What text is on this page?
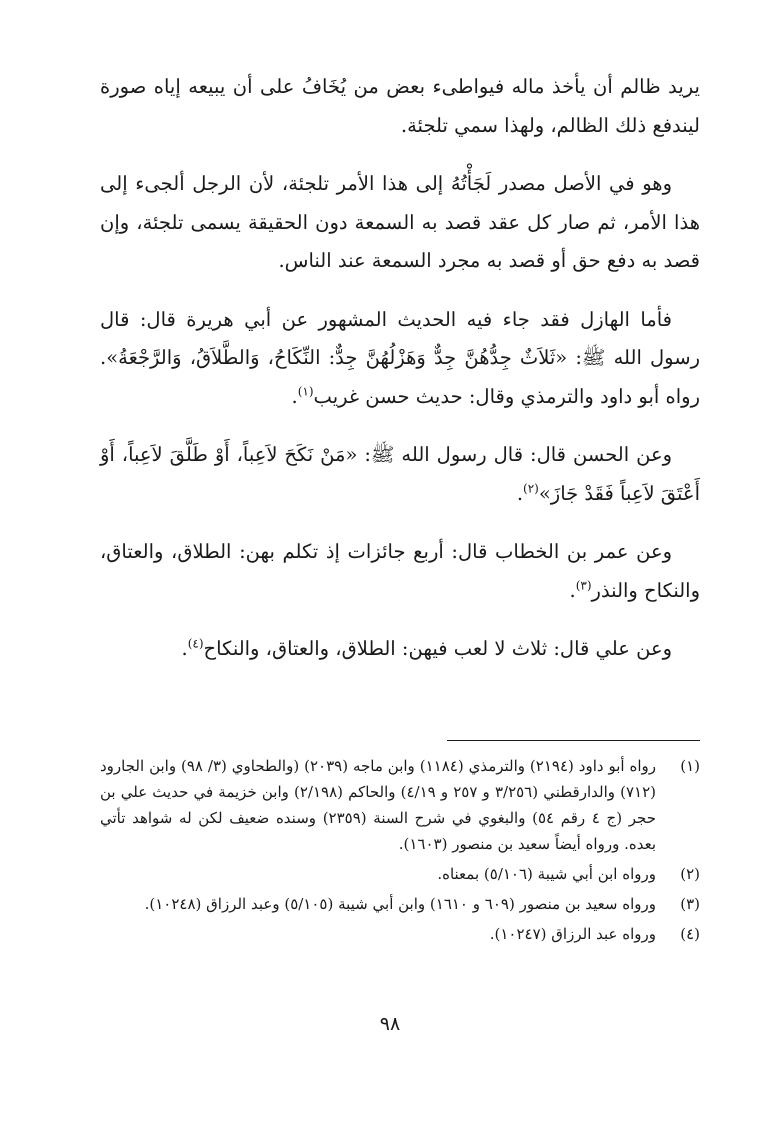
يريد ظالم أن يأخذ ماله فيواطىء بعض من يُخَافُ على أن يبيعه إياه صورة ليندفع ذلك الظالم، ولهذا سمي تلجئة.

وهو في الأصل مصدر لَجَأْتُهُ إلى هذا الأمر تلجئة، لأن الرجل ألجىء إلى هذا الأمر، ثم صار كل عقد قصد به السمعة دون الحقيقة يسمى تلجئة، وإن قصد به دفع حق أو قصد به مجرد السمعة عند الناس.

فأما الهازل فقد جاء فيه الحديث المشهور عن أبي هريرة قال: قال رسول الله ﷺ: «ثَلاَثٌ جِدُّهُنَّ جِدٌّ وَهَزْلُهُنَّ جِدٌّ: النِّكَاحُ، وَالطَّلاَقُ، وَالرَّجْعَةُ». رواه أبو داود والترمذي وقال: حديث حسن غريب$^{(١)}$.

وعن الحسن قال: قال رسول الله ﷺ: «مَنْ نَكَحَ لاَعِباً، أَوْ طَلَّقَ لاَعِباً، أَوْ أَعْتَقَ لاَعِباً فَقَدْ جَازَ»$^{(٢)}$.

وعن عمر بن الخطاب قال: أربع جائزات إذ تكلم بهن: الطلاق، والعتاق، والنكاح والنذر$^{(٣)}$.

وعن علي قال: ثلاث لا لعب فيهن: الطلاق، والعتاق، والنكاح$^{(٤)}$.

(١)
رواه أبو داود (٢١٩٤) والترمذي (١١٨٤) وابن ماجه (٢٠٣٩) (والطحاوي (٣/ ٩٨) وابن الجارود (٧١٢) والدارقطني (٣/٢٥٦ و ٢٥٧ و ٤/١٩) والحاكم (٢/١٩٨) وابن خزيمة في حديث علي بن حجر (ج ٤ رقم ٥٤) والبغوي في شرح السنة (٢٣٥٩) وسنده ضعيف لكن له شواهد تأتي بعده. ورواه أيضاً سعيد بن منصور (١٦٠٣).
(٢)
ورواه ابن أبي شيبة (٥/١٠٦) بمعناه.
(٣)
ورواه سعيد بن منصور (٦٠٩ و ١٦١٠) وابن أبي شيبة (٥/١٠٥) وعبد الرزاق (١٠٢٤٨).
(٤)
ورواه عبد الرزاق (١٠٢٤٧).
٩٨
